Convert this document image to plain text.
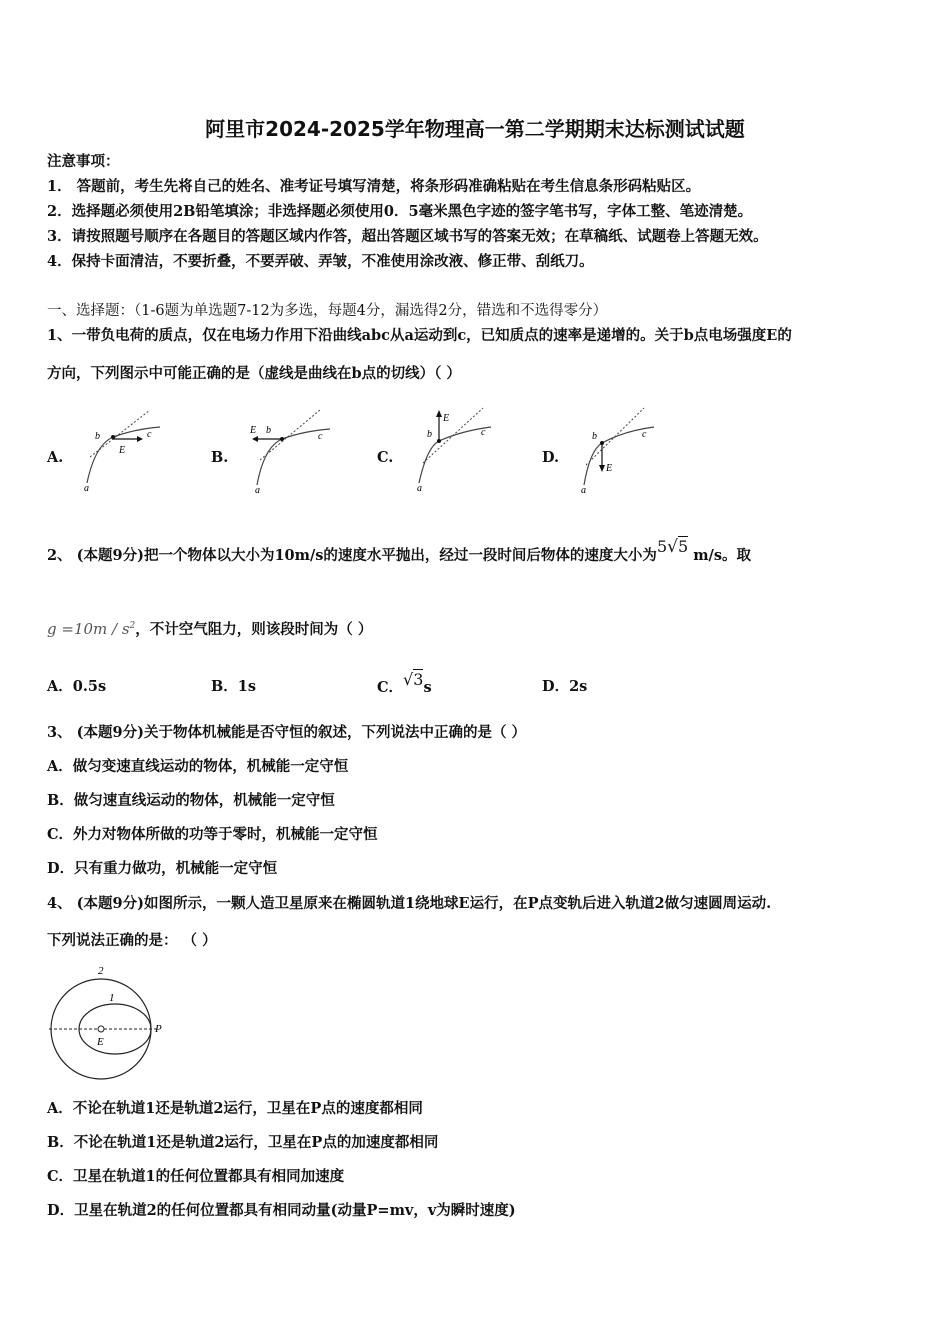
阿里市2024-2025学年物理高一第二学期期末达标测试试题
注意事项：
1． 答题前，考生先将自己的姓名、准考证号填写清楚，将条形码准确粘贴在考生信息条形码粘贴区。
2．选择题必须使用2B铅笔填涂；非选择题必须使用0．5毫米黑色字迹的签字笔书写，字体工整、笔迹清楚。
3．请按照题号顺序在各题目的答题区域内作答，超出答题区域书写的答案无效；在草稿纸、试题卷上答题无效。
4．保持卡面清洁，不要折叠，不要弄破、弄皱，不准使用涂改液、修正带、刮纸刀。
一、选择题：（1-6题为单选题7-12为多选，每题4分，漏选得2分，错选和不选得零分）
1、一带负电荷的质点，仅在电场力作用下沿曲线abc从a运动到c，已知质点的速率是递增的。关于b点电场强度E的
方向，下列图示中可能正确的是（虚线是曲线在b点的切线）（ ）
A.	B.	C.	D.
b	c
E
a
E b
c
a
E
b	c
a
E
b	c
a
2、 (本题9分)把一个物体以大小为10m/s的速度水平抛出，经过一段时间后物体的速度大小为5√5 m/s。取
$g =10m / s^2$，不计空气阻力，则该段时间为（ ）
A．0.5s	B．1s	C．√3s	D．2s
3、 (本题9分)关于物体机械能是否守恒的叙述，下列说法中正确的是（ ）
A．做匀变速直线运动的物体，机械能一定守恒
B．做匀速直线运动的物体，机械能一定守恒
C．外力对物体所做的功等于零时，机械能一定守恒
D．只有重力做功，机械能一定守恒
4、 (本题9分)如图所示，一颗人造卫星原来在椭圆轨道1绕地球E运行，在P点变轨后进入轨道2做匀速圆周运动.
下列说法正确的是： （ ）
2
1
P
E
A．不论在轨道1还是轨道2运行，卫星在P点的速度都相同
B．不论在轨道1还是轨道2运行，卫星在P点的加速度都相同
C．卫星在轨道1的任何位置都具有相同加速度
D．卫星在轨道2的任何位置都具有相同动量(动量P=mv，v为瞬时速度)
